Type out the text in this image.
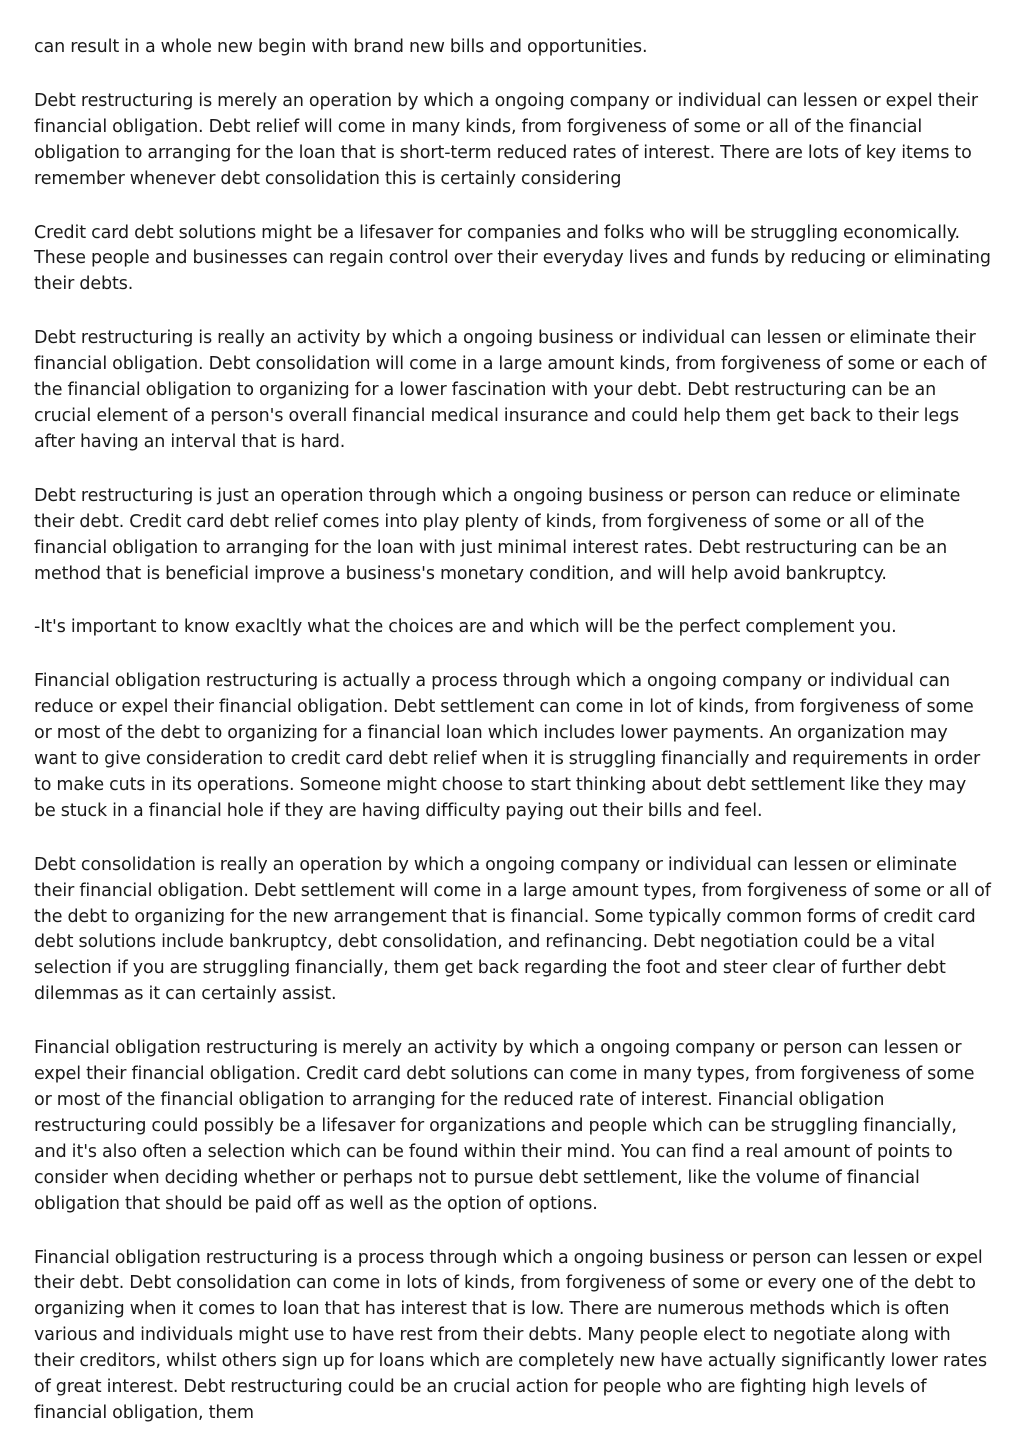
can result in a whole new begin with brand new bills and opportunities.

Debt restructuring is merely an operation by which a ongoing company or individual can lessen or expel their financial obligation. Debt relief will come in many kinds, from forgiveness of some or all of the financial obligation to arranging for the loan that is short-term reduced rates of interest. There are lots of key items to remember whenever debt consolidation this is certainly considering

Credit card debt solutions might be a lifesaver for companies and folks who will be struggling economically. These people and businesses can regain control over their everyday lives and funds by reducing or eliminating their debts.

Debt restructuring is really an activity by which a ongoing business or individual can lessen or eliminate their financial obligation. Debt consolidation will come in a large amount kinds, from forgiveness of some or each of the financial obligation to organizing for a lower fascination with your debt. Debt restructuring can be an crucial element of a person's overall financial medical insurance and could help them get back to their legs after having an interval that is hard.

Debt restructuring is just an operation through which a ongoing business or person can reduce or eliminate their debt. Credit card debt relief comes into play plenty of kinds, from forgiveness of some or all of the financial obligation to arranging for the loan with just minimal interest rates. Debt restructuring can be an method that is beneficial improve a business's monetary condition, and will help avoid bankruptcy.

-It's important to know exacltly what the choices are and which will be the perfect complement you.

Financial obligation restructuring is actually a process through which a ongoing company or individual can reduce or expel their financial obligation. Debt settlement can come in lot of kinds, from forgiveness of some or most of the debt to organizing for a financial loan which includes lower payments. An organization may want to give consideration to credit card debt relief when it is struggling financially and requirements in order to make cuts in its operations. Someone might choose to start thinking about debt settlement like they may be stuck in a financial hole if they are having difficulty paying out their bills and feel.

Debt consolidation is really an operation by which a ongoing company or individual can lessen or eliminate their financial obligation. Debt settlement will come in a large amount types, from forgiveness of some or all of the debt to organizing for the new arrangement that is financial. Some typically common forms of credit card debt solutions include bankruptcy, debt consolidation, and refinancing. Debt negotiation could be a vital selection if you are struggling financially, them get back regarding the foot and steer clear of further debt dilemmas as it can certainly assist.

Financial obligation restructuring is merely an activity by which a ongoing company or person can lessen or expel their financial obligation. Credit card debt solutions can come in many types, from forgiveness of some or most of the financial obligation to arranging for the reduced rate of interest. Financial obligation restructuring could possibly be a lifesaver for organizations and people which can be struggling financially, and it's also often a selection which can be found within their mind. You can find a real amount of points to consider when deciding whether or perhaps not to pursue debt settlement, like the volume of financial obligation that should be paid off as well as the option of options.

Financial obligation restructuring is a process through which a ongoing business or person can lessen or expel their debt. Debt consolidation can come in lots of kinds, from forgiveness of some or every one of the debt to organizing when it comes to loan that has interest that is low. There are numerous methods which is often various and individuals might use to have rest from their debts. Many people elect to negotiate along with their creditors, whilst others sign up for loans which are completely new have actually significantly lower rates of great interest. Debt restructuring could be an crucial action for people who are fighting high levels of financial obligation, them
